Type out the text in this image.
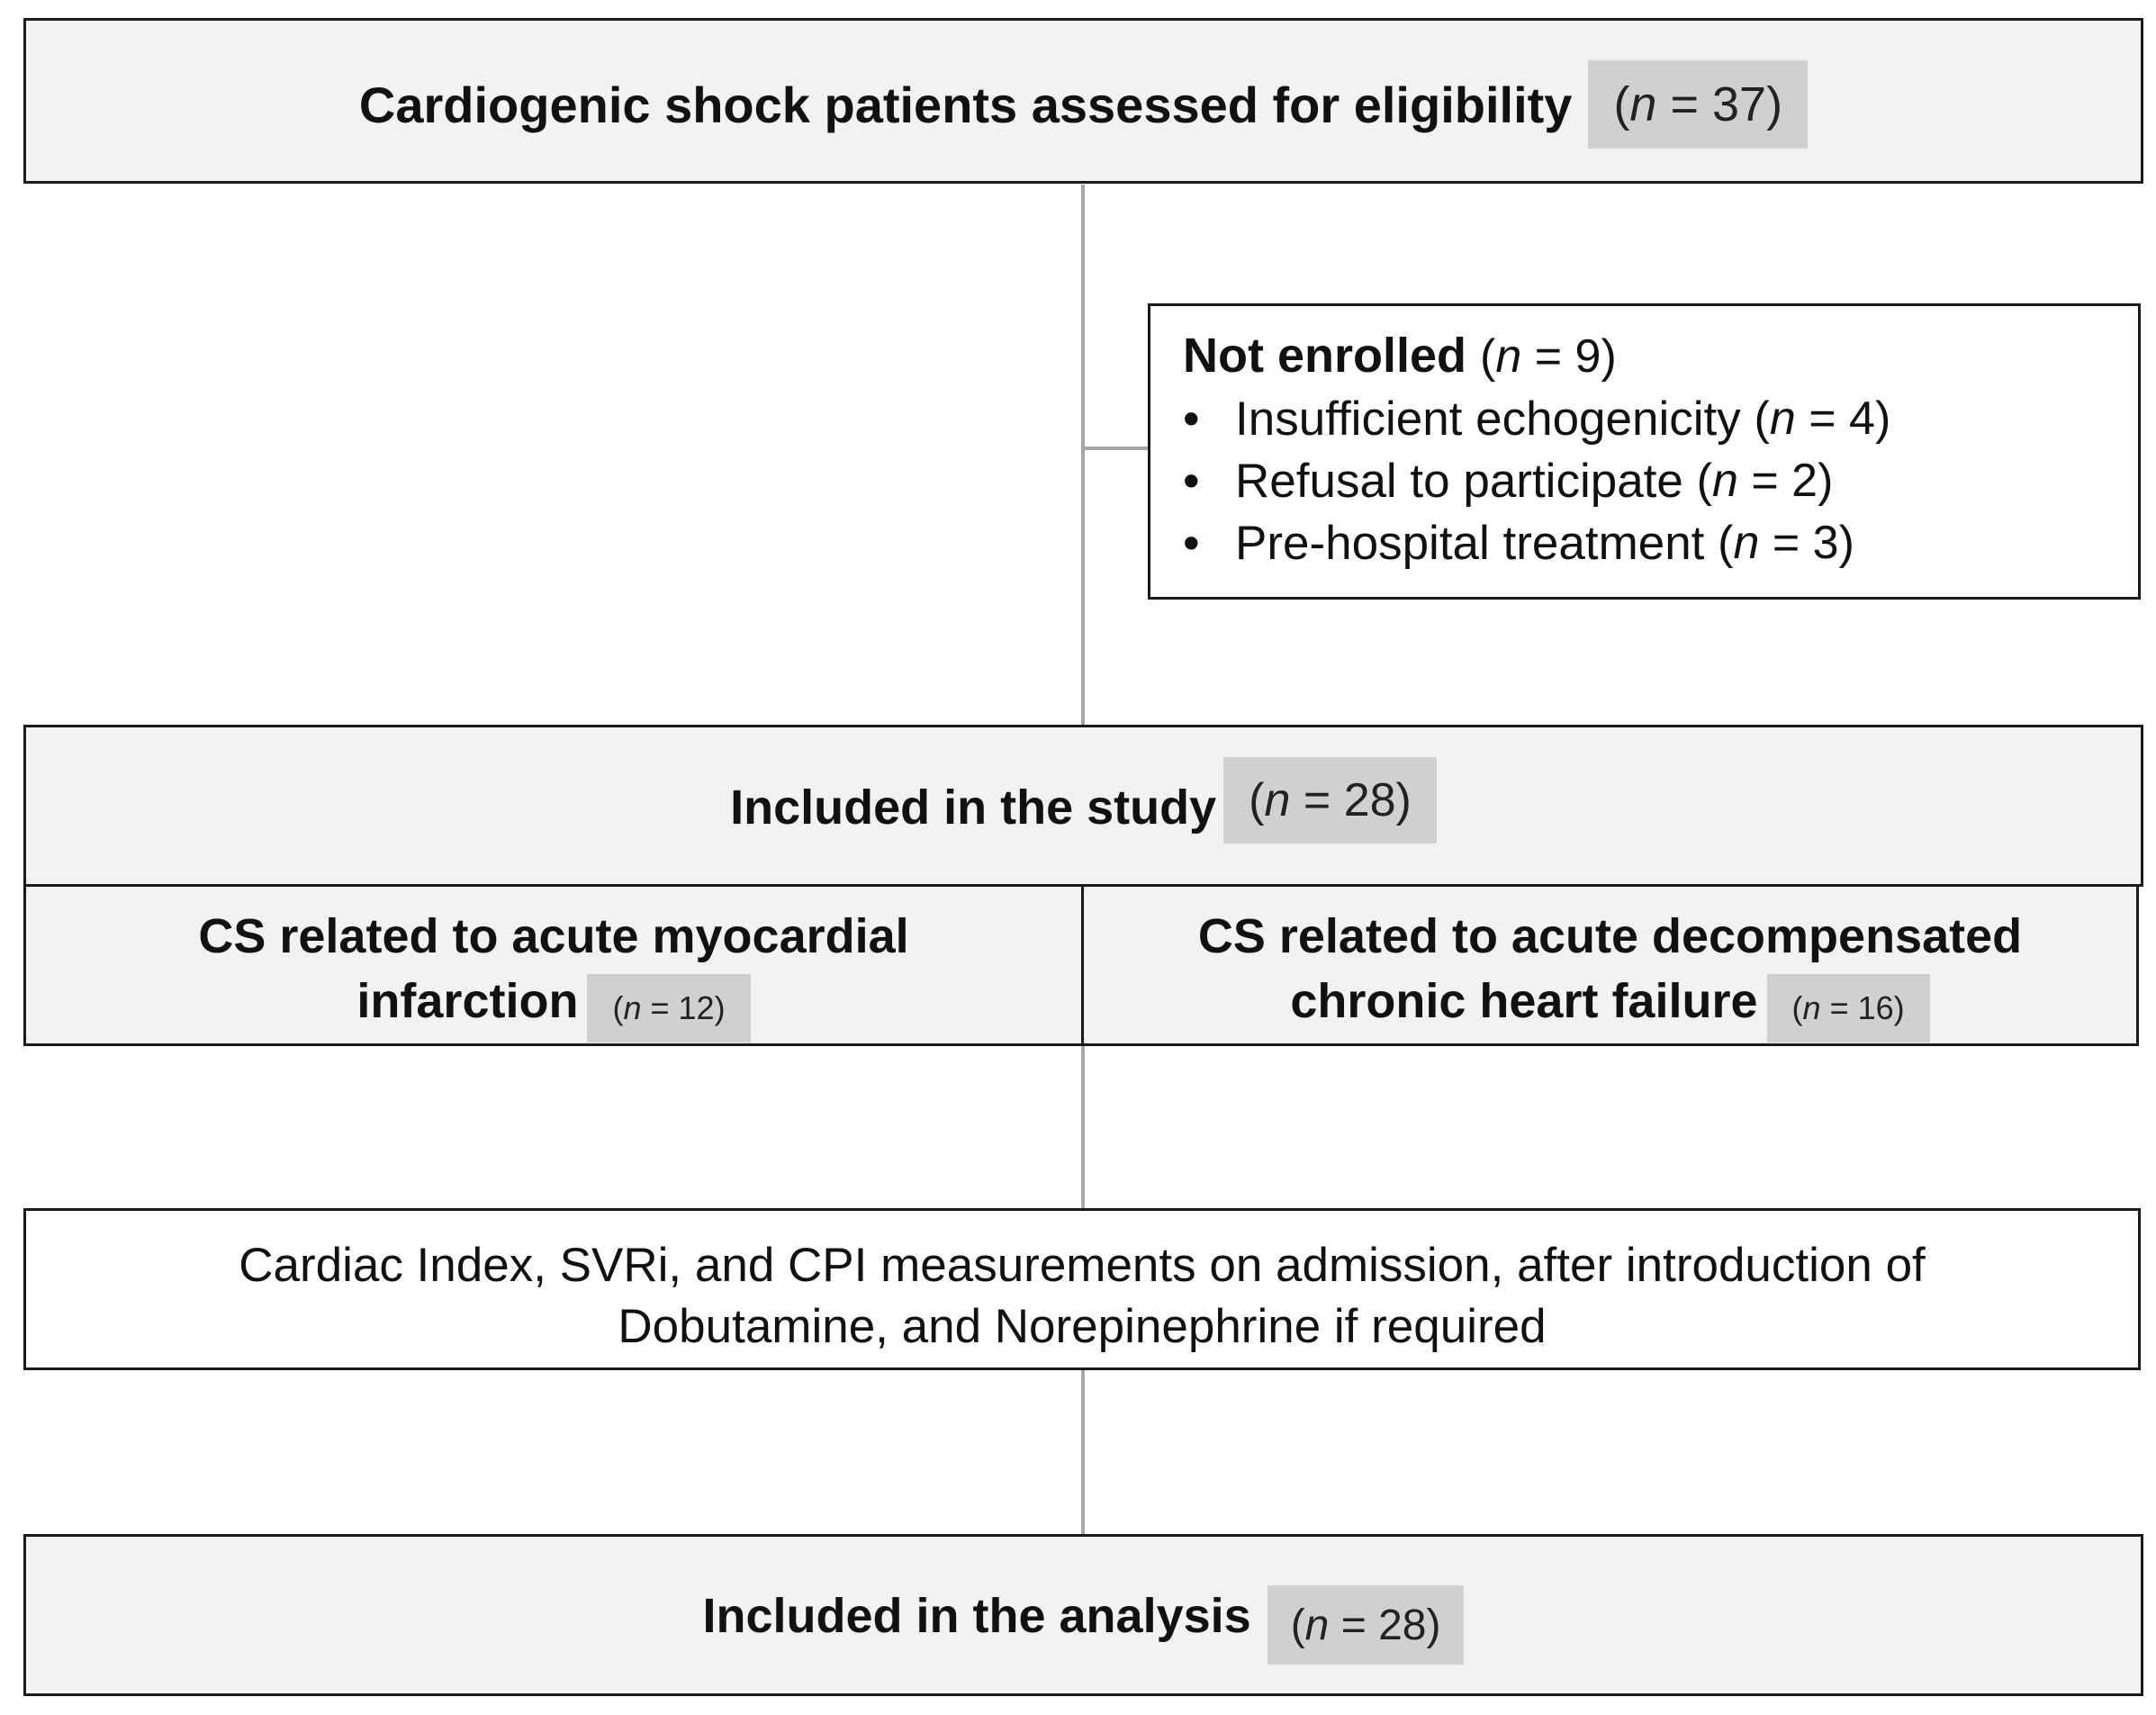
Cardiogenic shock patients assessed for eligibility ( n
= 37 )
Not enrolled (n = 9)
• Insufficient echogenicity
(n = 4)
• Refusal to participate
(n = 2)
• Pre-hospital treatment
(n = 3)
Included in the study ( n
= 28 )
CS related to acute myocardial
infarction	( n
= 12 )
CS related to acute decompensated
chronic heart failure	( n
= 16 )
Cardiac Index, SVRi, and CPI measurements on admission, after introduction of
Dobutamine, and Norepinephrine if required
Included in the analysis ( n
= 28 )
